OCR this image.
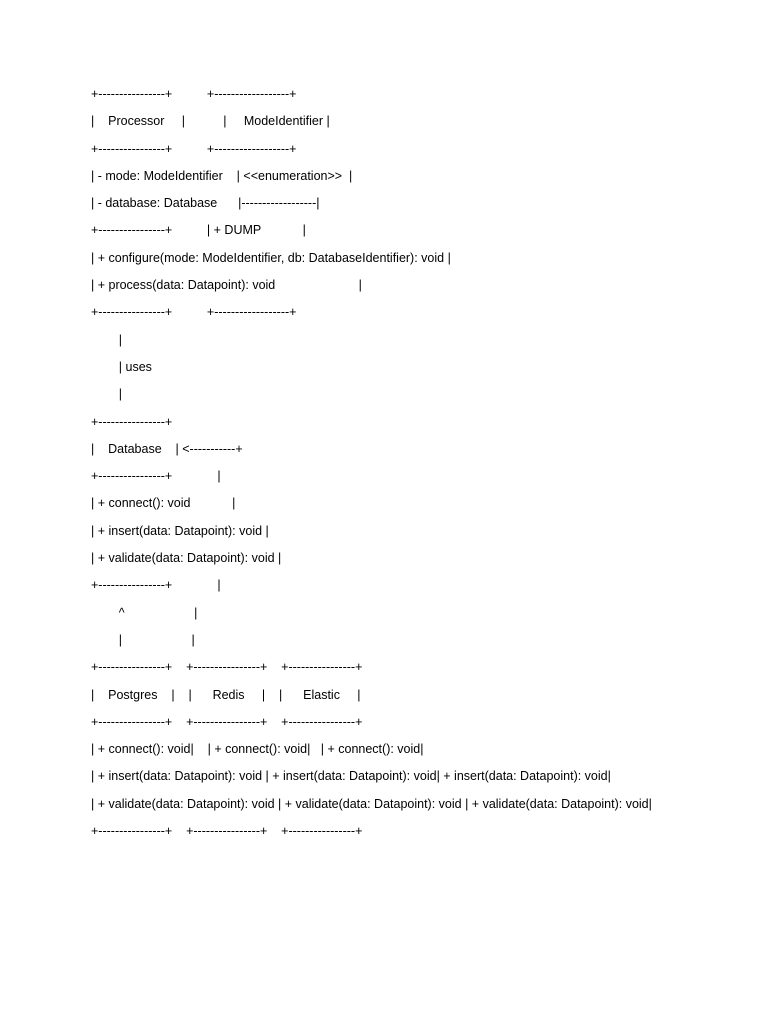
+----------------+          +------------------+
|    Processor     |           |     ModeIdentifier |
+----------------+          +------------------+
| - mode: ModeIdentifier    | <<enumeration>>  |
| - database: Database      |------------------|
+----------------+          | + DUMP            |
| + configure(mode: ModeIdentifier, db: DatabaseIdentifier): void |
| + process(data: Datapoint): void                        |
+----------------+          +------------------+
|
| uses
|
+----------------+
|    Database    | <-----------+
+----------------+             |
| + connect(): void            |
| + insert(data: Datapoint): void |
| + validate(data: Datapoint): void |
+----------------+             |
^                    |
|                    |
+----------------+    +----------------+    +----------------+
|    Postgres    |    |      Redis     |    |      Elastic     |
+----------------+    +----------------+    +----------------+
| + connect(): void|    | + connect(): void|   | + connect(): void|
| + insert(data: Datapoint): void | + insert(data: Datapoint): void| + insert(data: Datapoint): void|
| + validate(data: Datapoint): void | + validate(data: Datapoint): void | + validate(data: Datapoint): void|
+----------------+    +----------------+    +----------------+
